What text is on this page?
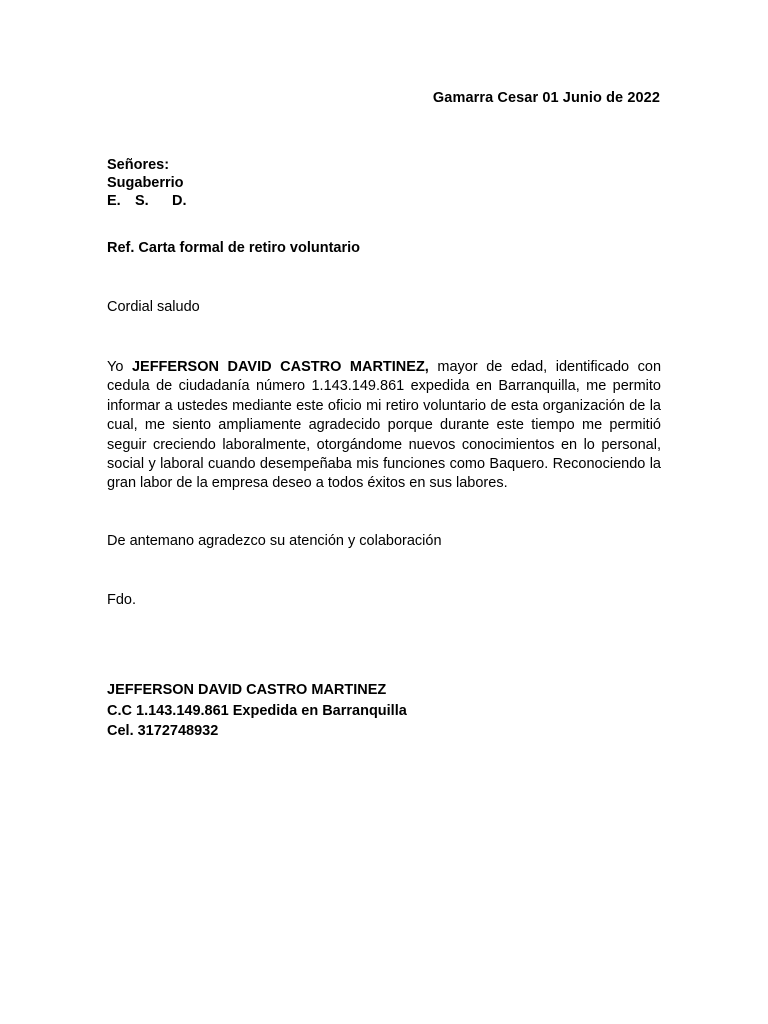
Gamarra Cesar 01 Junio de 2022
Señores:
Sugaberrio
E. S. D.
Ref. Carta formal de retiro voluntario
Cordial saludo
Yo JEFFERSON DAVID CASTRO MARTINEZ, mayor de edad, identificado con cedula de ciudadanía número 1.143.149.861 expedida en Barranquilla, me permito informar a ustedes mediante este oficio mi retiro voluntario de esta organización de la cual, me siento ampliamente agradecido porque durante este tiempo me permitió seguir creciendo laboralmente, otorgándome nuevos conocimientos en lo personal, social y laboral cuando desempeñaba mis funciones como Baquero. Reconociendo la gran labor de la empresa deseo a todos éxitos en sus labores.
De antemano agradezco su atención y colaboración
Fdo.
JEFFERSON DAVID CASTRO MARTINEZ
C.C 1.143.149.861 Expedida en Barranquilla
Cel. 3172748932
